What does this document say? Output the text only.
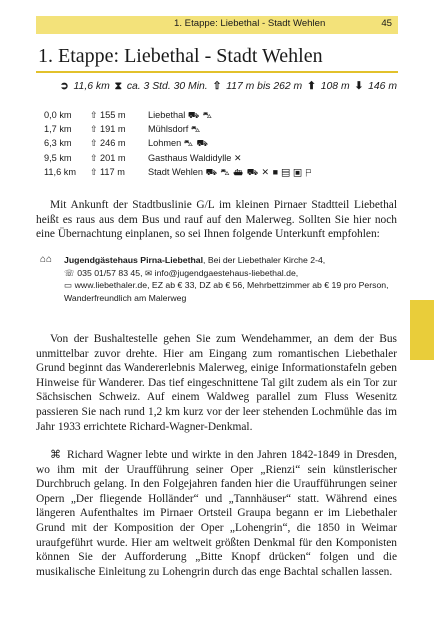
1. Etappe: Liebethal - Stadt Wehlen	45
1. Etappe: Liebethal - Stadt Wehlen
➲ 11,6 km ⧗ ca. 3 Std. 30 Min. ⇧ 117 m bis 262 m ⬆ 108 m ⬇ 146 m
0,0 km ⇧ 155 m Liebethal ⛟ ⛍
1,7 km ⇧ 191 m Mühlsdorf ⛍
6,3 km ⇧ 246 m Lohmen ⛍ ⛟
9,5 km ⇧ 201 m Gasthaus Waldidylle ✕
11,6 km ⇧ 117 m	Stadt Wehlen ⛟ ⛍ ⛴ ⛟ ✕ ■ ▤ ▣ ⚐

Mit Ankunft der Stadtbuslinie G/L im kleinen Pirnaer Stadtteil Liebethal heißt es raus aus dem Bus und rauf auf den Malerweg. Sollten Sie hier noch eine Übernachtung einplanen, so sei Ihnen folgende Unterkunft empfohlen:

⌂⌂ Jugendgästehaus Pirna-Liebethal, Bei der Liebethaler Kirche 2-4,
☏ 035 01/57 83 45, ✉ info@jugendgaestehaus-liebethal.de,
▭ www.liebethaler.de, EZ ab € 33, DZ ab € 56, Mehrbettzimmer ab € 19 pro Person,
Wanderfreundlich am Malerweg

Von der Bushaltestelle gehen Sie zum Wendehammer, an dem der Bus unmittelbar zuvor drehte. Hier am Eingang zum romantischen Liebethaler Grund beginnt das Wandererlebnis Malerweg, einige Informationstafeln geben Hinweise für Wanderer. Das tief eingeschnittene Tal gilt zudem als ein Tor zur Sächsischen Schweiz. Auf einem Waldweg parallel zum Fluss Wesenitz passieren Sie nach rund 1,2 km kurz vor der leer stehenden Lochmühle das im Jahr 1933 errichtete Richard-Wagner-Denkmal.

⌘ Richard Wagner lebte und wirkte in den Jahren 1842-1849 in Dresden, wo ihm mit der Uraufführung seiner Oper „Rienzi“ sein künstlerischer Durchbruch gelang. In den Folgejahren fanden hier die Uraufführungen seiner Opern „Der fliegende Holländer“ und „Tannhäuser“ statt. Während eines längeren Aufenthaltes im Pirnaer Ortsteil Graupa begann er im Liebethaler Grund mit der Komposition der Oper „Lohengrin“, die 1850 in Weimar uraufgeführt wurde. Hier am weltweit größten Denkmal für den Komponisten können Sie der Aufforderung „Bitte Knopf drücken“ folgen und die musikalische Einleitung zu Lohengrin durch das enge Bachtal schallen lassen.
